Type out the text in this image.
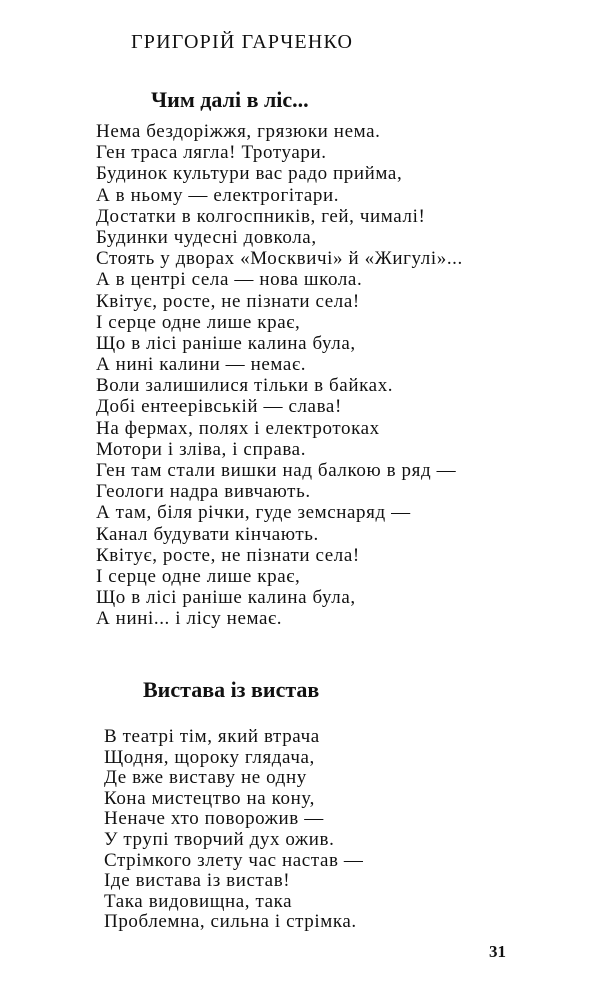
ГРИГОРІЙ ГАРЧЕНКО
Чим далі в ліс...
Нема бездоріжжя, грязюки нема.
Ген траса лягла! Тротуари.
Будинок культури вас радо прийма,
А в ньому — електрогітари.
Достатки в колгоспників, гей, чималі!
Будинки чудесні довкола,
Стоять у дворах «Москвичі» й «Жигулі»...
А в центрі села — нова школа.
Квітує, росте, не пізнати села!
І серце одне лише крає,
Що в лісі раніше калина була,
А нині калини — немає.
Воли залишилися тільки в байках.
Добі ентеерівській — слава!
На фермах, полях і електротоках
Мотори і зліва, і справа.
Ген там стали вишки над балкою в ряд —
Геологи надра вивчають.
А там, біля річки, гуде земснаряд —
Канал будувати кінчають.
Квітує, росте, не пізнати села!
І серце одне лише крає,
Що в лісі раніше калина була,
А нині... і лісу немає.
Вистава із вистав
В театрі тім, який втрача
Щодня, щороку глядача,
Де вже виставу не одну
Кона мистецтво на кону,
Неначе хто поворожив —
У трупі творчий дух ожив.
Стрімкого злету час настав —
Іде вистава із вистав!
Така видовищна, така
Проблемна, сильна і стрімка.
31
